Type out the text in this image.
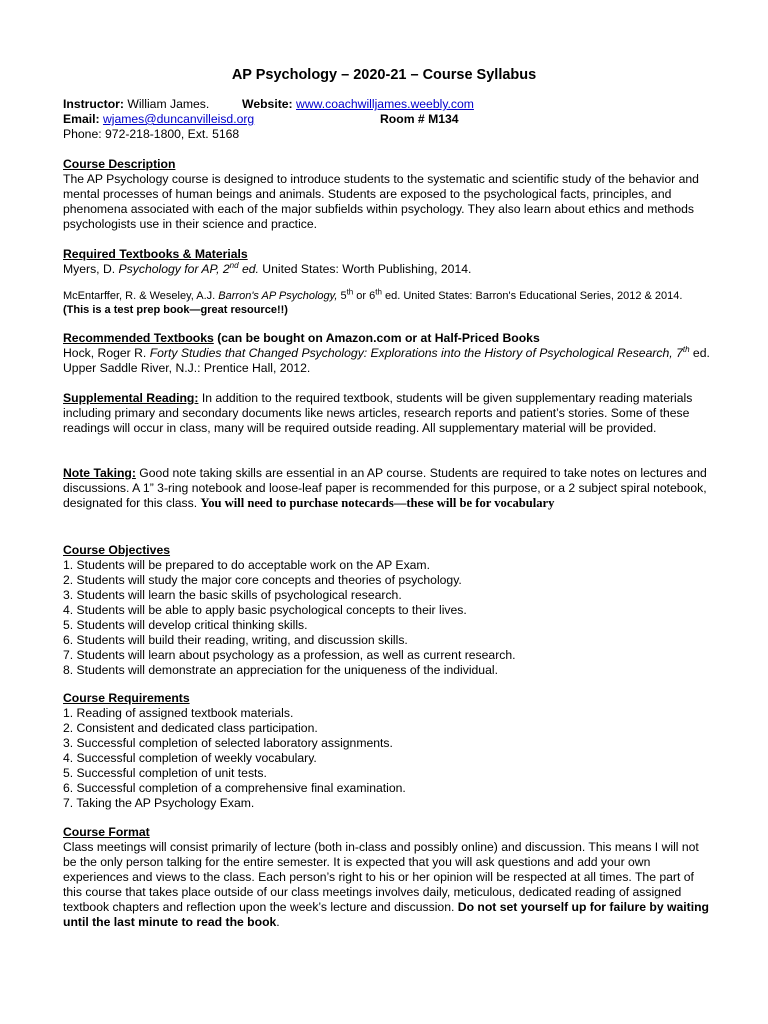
AP Psychology – 2020-21 – Course Syllabus

Instructor: William James.	Website: www.coachwilljames.weebly.com

Email: wjames@duncanvilleisd.org	Room # M134

Phone: 972-218-1800, Ext. 5168

Course Description

The AP Psychology course is designed to introduce students to the systematic and scientific study of the behavior and mental processes of human beings and animals. Students are exposed to the psychological facts, principles, and phenomena associated with each of the major subfields within psychology. They also learn about ethics and methods psychologists use in their science and practice.

Required Textbooks & Materials

Myers, D. Psychology for AP, 2nd ed. United States: Worth Publishing, 2014.

McEntarffer, R. & Weseley, A.J. Barron's AP Psychology, 5th or 6th ed. United States: Barron's Educational Series, 2012 & 2014.

(This is a test prep book—great resource!!)

Recommended Textbooks (can be bought on Amazon.com or at Half-Priced Books

Hock, Roger R. Forty Studies that Changed Psychology: Explorations into the History of Psychological Research, 7th ed. Upper Saddle River, N.J.: Prentice Hall, 2012.

Supplemental Reading: In addition to the required textbook, students will be given supplementary reading materials including primary and secondary documents like news articles, research reports and patient’s stories. Some of these readings will occur in class, many will be required outside reading. All supplementary material will be provided.

Note Taking: Good note taking skills are essential in an AP course. Students are required to take notes on lectures and discussions. A 1” 3-ring notebook and loose-leaf paper is recommended for this purpose, or a 2 subject spiral notebook, designated for this class. You will need to purchase notecards—these will be for vocabulary

Course Objectives

1. Students will be prepared to do acceptable work on the AP Exam.

2. Students will study the major core concepts and theories of psychology.

3. Students will learn the basic skills of psychological research.

4. Students will be able to apply basic psychological concepts to their lives.

5. Students will develop critical thinking skills.

6. Students will build their reading, writing, and discussion skills.

7. Students will learn about psychology as a profession, as well as current research.

8. Students will demonstrate an appreciation for the uniqueness of the individual.

Course Requirements

1. Reading of assigned textbook materials.

2. Consistent and dedicated class participation.

3. Successful completion of selected laboratory assignments.

4. Successful completion of weekly vocabulary.

5. Successful completion of unit tests.

6. Successful completion of a comprehensive final examination.

7. Taking the AP Psychology Exam.

Course Format

Class meetings will consist primarily of lecture (both in-class and possibly online) and discussion. This means I will not be the only person talking for the entire semester. It is expected that you will ask questions and add your own experiences and views to the class. Each person’s right to his or her opinion will be respected at all times. The part of this course that takes place outside of our class meetings involves daily, meticulous, dedicated reading of assigned textbook chapters and reflection upon the week’s lecture and discussion. Do not set yourself up for failure by waiting until the last minute to read the book.
